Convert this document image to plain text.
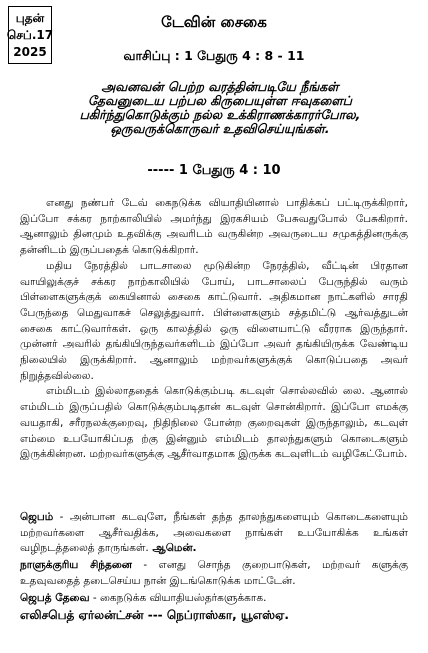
புதன்
செப்.17
2025
டேவின் சைகை
வாசிப்பு : 1 பேதுரு 4 : 8 - 11
அவனவன் பெற்ற வரத்தின்படியே நீங்கள்
தேவனுடைய பற்பல கிருபையுள்ள ஈவுகளைப்
பகிர்ந்துகொடுக்கும் நல்ல உக்கிராணக்காரர்போல,
ஒருவருக்கொருவர் உதவிசெய்யுங்கள்.
----- 1 பேதுரு 4 : 10

எனது நண்பர் டேவ் கைநடுக்க வியாதியினால் பாதிக்கப் பட்டிருக்கிறார், இப்போ சக்கர நாற்காலியில் அமர்ந்து இரகசியம் பேசுவதுபோல் பேசுகிறார். ஆனாலும் தினமும் உதவிக்கு அவரிடம் வருகின்ற அவருடைய சமுகத்தினருக்கு தன்னிடம் இருப்பதைக் கொடுக்கிறார்.

மதிய நேரத்தில் பாடசாலை மூடுகின்ற நேரத்தில், வீட்டின் பிரதான வாயிலுக்குச் சக்கர நாற்காலியில் போய், பாடசாலைப் பேருந்தில் வரும் பிள்ளைகளுக்குக் கையினால் சைகை காட்டுவார். அதிகமான நாட்களில் சாரதி பேருந்தை மெதுவாகச் செலுத்துவார். பிள்ளைகளும் சத்தமிட்டு ஆர்வத்துடன் சைகை காட்டுவார்கள். ஒரு காலத்தில் ஒரு விளையாட்டு வீரராக இருந்தார். முன்னர் அவரில் தங்கியிருந்தவர்களிடம் இப்போ அவர் தங்கியிருக்க வேண்டிய நிலையில் இருக்கிறார். ஆனாலும் மற்றவர்களுக்குக் கொடுப்பதை அவர் நிறுத்தவில்லை.

எம்மிடம் இல்லாததைக் கொடுக்கும்படி கடவுள் சொல்லவில் லை. ஆனால் எம்மிடம் இருப்பதில் கொடுக்கும்படிதான் கடவுள் சொன்கிறார். இப்போ எமக்கு வயதாகி, சரீரநலக்குறைவு, நிதிநிலை போன்ற குறைவுகள் இருந்தாலும், கடவுள் எம்மை உபயோகிப்பத ற்கு இன்னும் எம்மிடம் தாலந்துகளும் கொடைகளும் இருக்கின்றன. மற்றவர்களுக்கு ஆசீர்வாதமாக இருக்க கடவுளிடம் வழிகேட்போம்.

ஜெபம் - அன்பான கடவுளே, நீங்கள் தந்த தாலந்துகளையும் கொடைகளையும் மற்றவர்களை ஆசீர்வதிக்க, அவைகளை நாங்கள் உபயோகிக்க உங்கள் வழிநடத்தலைத் தாருங்கள். ஆமென்.

நாளுக்குரிய சிந்தனை - எனது சொந்த குறைபாடுகள், மற்றவர் களுக்கு உதவுவதைத் தடைசெய்ய நான் இடங்கொடுக்க மாட்டேன்.

ஜெபத் தேவை - கைநடுக்க வியாதியஸ்தர்களுக்காக.

எலிசபெத் ஏர்லன்ட்சன் --- நெப்ராஸ்கா, யூஎஸ்ஏ.
